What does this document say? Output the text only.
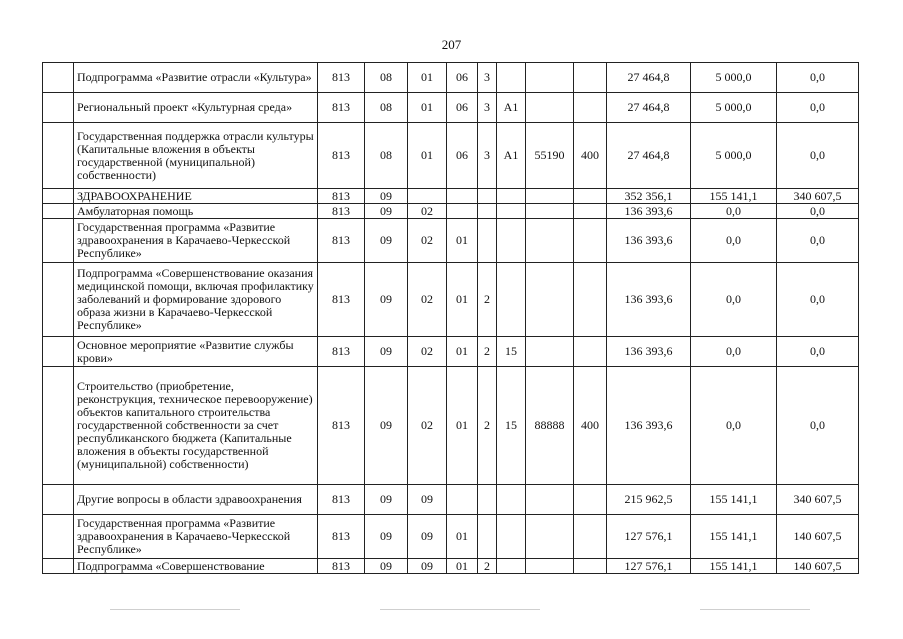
207
	Подпрограмма «Развитие отрасли «Культура»	813	08	01	06	3				27 464,8	5 000,0	0,0
	Региональный проект «Культурная среда»	813	08	01	06	3	A1			27 464,8	5 000,0	0,0
	Государственная поддержка отрасли культуры (Капитальные вложения в объекты государственной (муниципальной) собственности)	813	08	01	06	3	A1	55190	400	27 464,8	5 000,0	0,0
	ЗДРАВООХРАНЕНИЕ	813	09							352 356,1	155 141,1	340 607,5
	Амбулаторная помощь	813	09	02						136 393,6	0,0	0,0
	Государственная программа «Развитие здравоохранения в Карачаево-Черкесской Республике»	813	09	02	01					136 393,6	0,0	0,0
	Подпрограмма «Совершенствование оказания медицинской помощи, включая профилактику заболеваний и формирование здорового образа жизни в Карачаево-Черкесской Республике»	813	09	02	01	2				136 393,6	0,0	0,0
	Основное мероприятие «Развитие службы крови»	813	09	02	01	2	15			136 393,6	0,0	0,0
	Строительство (приобретение, реконструкция, техническое перевооружение) объектов капитального строительства государственной собственности за счет республиканского бюджета (Капитальные вложения в объекты государственной (муниципальной) собственности)	813	09	02	01	2	15	88888	400	136 393,6	0,0	0,0
	Другие вопросы в области здравоохранения	813	09	09						215 962,5	155 141,1	340 607,5
	Государственная программа «Развитие здравоохранения в Карачаево-Черкесской Республике»	813	09	09	01					127 576,1	155 141,1	140 607,5
	Подпрограмма «Совершенствование	813	09	09	01	2				127 576,1	155 141,1	140 607,5
